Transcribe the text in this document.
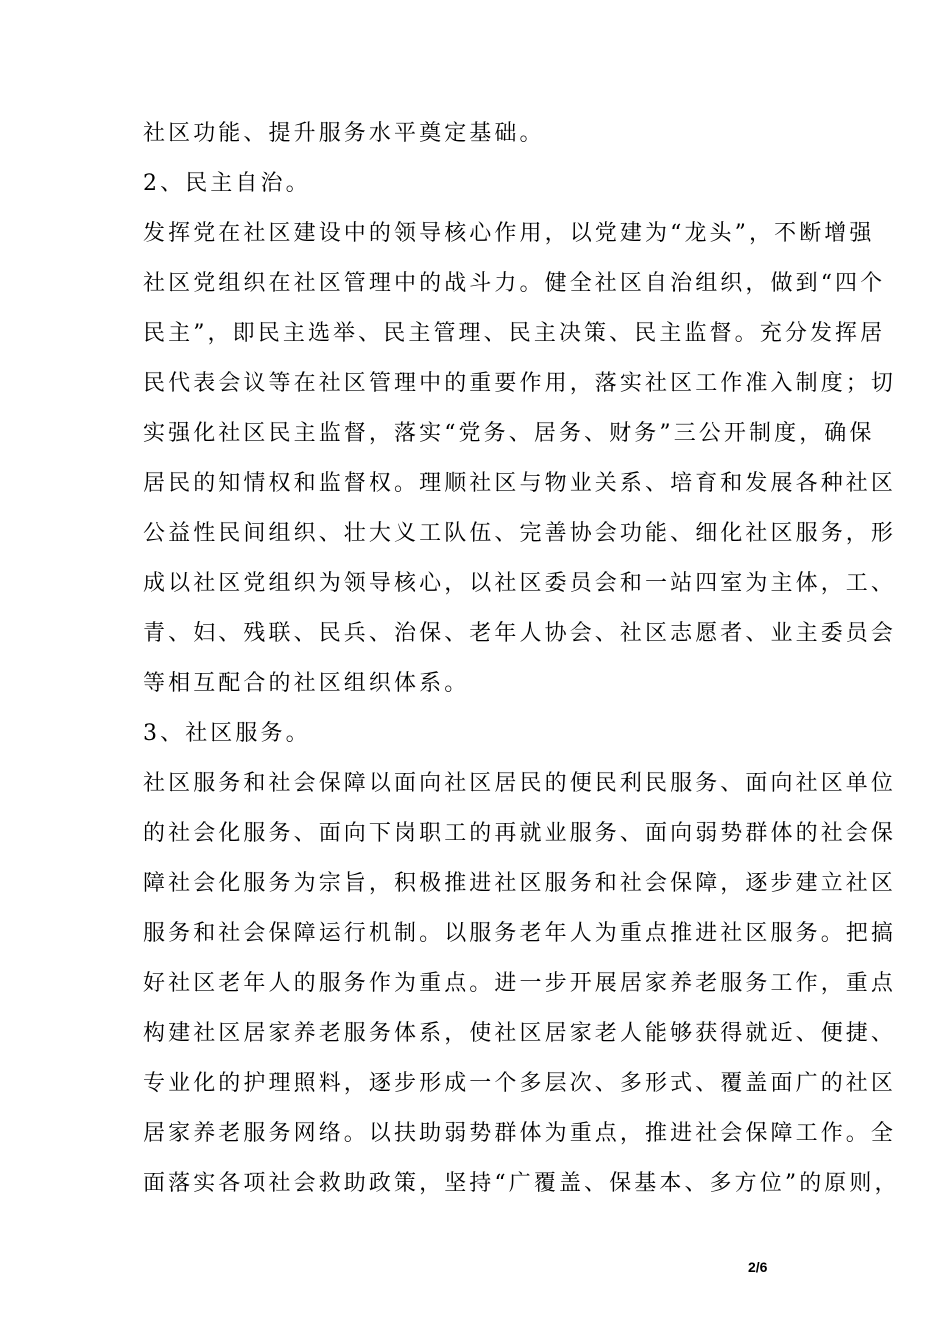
社区功能、提升服务水平奠定基础。
2、民主自治。
发挥党在社区建设中的领导核心作用，以党建为“龙头”，不断增强
社区党组织在社区管理中的战斗力。健全社区自治组织，做到“四个
民主”，即民主选举、民主管理、民主决策、民主监督。充分发挥居
民代表会议等在社区管理中的重要作用，落实社区工作准入制度；切
实强化社区民主监督，落实“党务、居务、财务”三公开制度，确保
居民的知情权和监督权。理顺社区与物业关系、培育和发展各种社区
公益性民间组织、壮大义工队伍、完善协会功能、细化社区服务，形
成以社区党组织为领导核心，以社区委员会和一站四室为主体，工、
青、妇、残联、民兵、治保、老年人协会、社区志愿者、业主委员会
等相互配合的社区组织体系。
3、社区服务。
社区服务和社会保障以面向社区居民的便民利民服务、面向社区单位
的社会化服务、面向下岗职工的再就业服务、面向弱势群体的社会保
障社会化服务为宗旨，积极推进社区服务和社会保障，逐步建立社区
服务和社会保障运行机制。以服务老年人为重点推进社区服务。把搞
好社区老年人的服务作为重点。进一步开展居家养老服务工作，重点
构建社区居家养老服务体系，使社区居家老人能够获得就近、便捷、
专业化的护理照料，逐步形成一个多层次、多形式、覆盖面广的社区
居家养老服务网络。以扶助弱势群体为重点，推进社会保障工作。全
面落实各项社会救助政策，坚持“广覆盖、保基本、多方位”的原则，
2/6
